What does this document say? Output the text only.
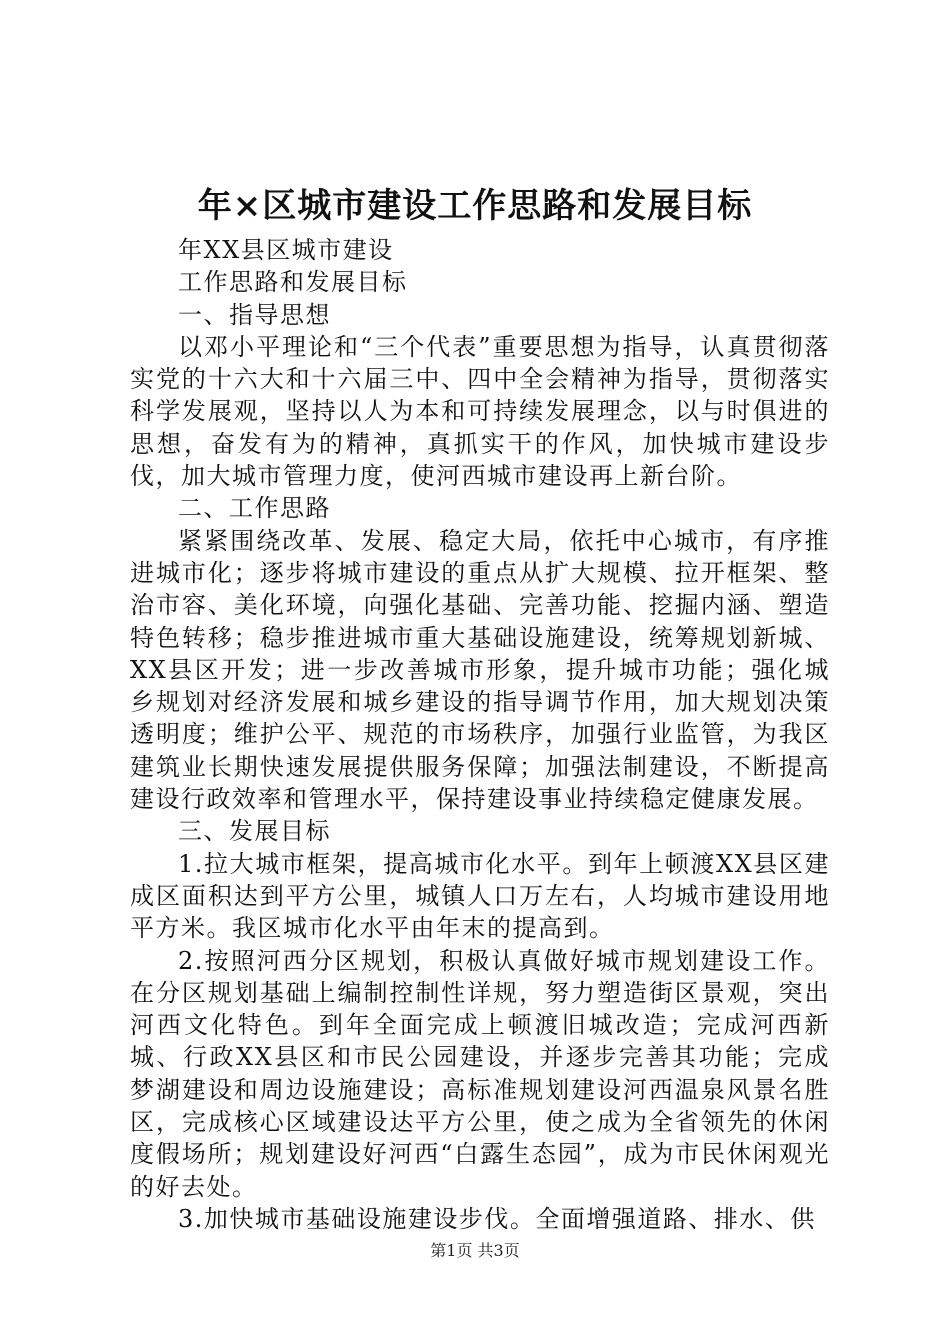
年×区城市建设工作思路和发展目标

年XX县区城市建设

工作思路和发展目标

一、指导思想

以邓小平理论和“三个代表”重要思想为指导，认真贯彻落实党的十六大和十六届三中、四中全会精神为指导，贯彻落实科学发展观，坚持以人为本和可持续发展理念，以与时俱进的思想，奋发有为的精神，真抓实干的作风，加快城市建设步伐，加大城市管理力度，使河西城市建设再上新台阶。

二、工作思路

紧紧围绕改革、发展、稳定大局，依托中心城市，有序推进城市化；逐步将城市建设的重点从扩大规模、拉开框架、整治市容、美化环境，向强化基础、完善功能、挖掘内涵、塑造特色转移；稳步推进城市重大基础设施建设，统筹规划新城、XX县区开发；进一步改善城市形象，提升城市功能；强化城乡规划对经济发展和城乡建设的指导调节作用，加大规划决策透明度；维护公平、规范的市场秩序，加强行业监管，为我区建筑业长期快速发展提供服务保障；加强法制建设，不断提高建设行政效率和管理水平，保持建设事业持续稳定健康发展。

三、发展目标

1.拉大城市框架，提高城市化水平。到年上顿渡XX县区建成区面积达到平方公里，城镇人口万左右，人均城市建设用地平方米。我区城市化水平由年末的提高到。

2.按照河西分区规划，积极认真做好城市规划建设工作。在分区规划基础上编制控制性详规，努力塑造街区景观，突出河西文化特色。到年全面完成上顿渡旧城改造；完成河西新城、行政XX县区和市民公园建设，并逐步完善其功能；完成梦湖建设和周边设施建设；高标准规划建设河西温泉风景名胜区，完成核心区域建设达平方公里，使之成为全省领先的休闲度假场所；规划建设好河西“白露生态园”，成为市民休闲观光的好去处。

3.加快城市基础设施建设步伐。全面增强道路、排水、供

第1页 共3页
